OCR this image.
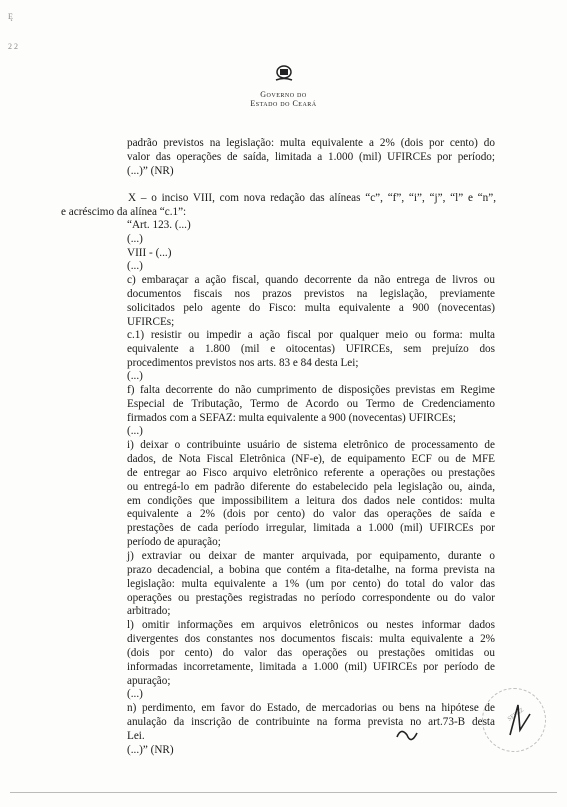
Ę
2 2
Governo do
Estado do Ceará
padrão previstos na legislação: multa equivalente a 2% (dois por cento) do
valor das operações de saída, limitada a 1.000 (mil) UFIRCEs por período;
(...)” (NR)
X – o inciso VIII, com nova redação das alíneas “c”, “f”, “i”, “j”, “l” e “n”,
e acréscimo da alínea “c.1”:
“Art. 123. (...)
(...)
VIII - (...)
(...)
c) embaraçar a ação fiscal, quando decorrente da não entrega de livros ou
documentos fiscais nos prazos previstos na legislação, previamente
solicitados pelo agente do Fisco: multa equivalente a 900 (novecentas)
UFIRCEs;
c.1) resistir ou impedir a ação fiscal por qualquer meio ou forma: multa
equivalente a 1.800 (mil e oitocentas) UFIRCEs, sem prejuízo dos
procedimentos previstos nos arts. 83 e 84 desta Lei;
(...)
f) falta decorrente do não cumprimento de disposições previstas em Regime
Especial de Tributação, Termo de Acordo ou Termo de Credenciamento
firmados com a SEFAZ: multa equivalente a 900 (novecentas) UFIRCEs;
(...)
i) deixar o contribuinte usuário de sistema eletrônico de processamento de
dados, de Nota Fiscal Eletrônica (NF-e), de equipamento ECF ou de MFE
de entregar ao Fisco arquivo eletrônico referente a operações ou prestações
ou entregá-lo em padrão diferente do estabelecido pela legislação ou, ainda,
em condições que impossibilitem a leitura dos dados nele contidos: multa
equivalente a 2% (dois por cento) do valor das operações de saída e
prestações de cada período irregular, limitada a 1.000 (mil) UFIRCEs por
período de apuração;
j) extraviar ou deixar de manter arquivada, por equipamento, durante o
prazo decadencial, a bobina que contém a fita-detalhe, na forma prevista na
legislação: multa equivalente a 1% (um por cento) do total do valor das
operações ou prestações registradas no período correspondente ou do valor
arbitrado;
l) omitir informações em arquivos eletrônicos ou nestes informar dados
divergentes dos constantes nos documentos fiscais: multa equivalente a 2%
(dois por cento) do valor das operações ou prestações omitidas ou
informadas incorretamente, limitada a 1.000 (mil) UFIRCEs por período de
apuração;
(...)
n) perdimento, em favor do Estado, de mercadorias ou bens na hipótese de
anulação da inscrição de contribuinte na forma prevista no art.73-B desta
Lei.
(...)” (NR)
SEFAZ
